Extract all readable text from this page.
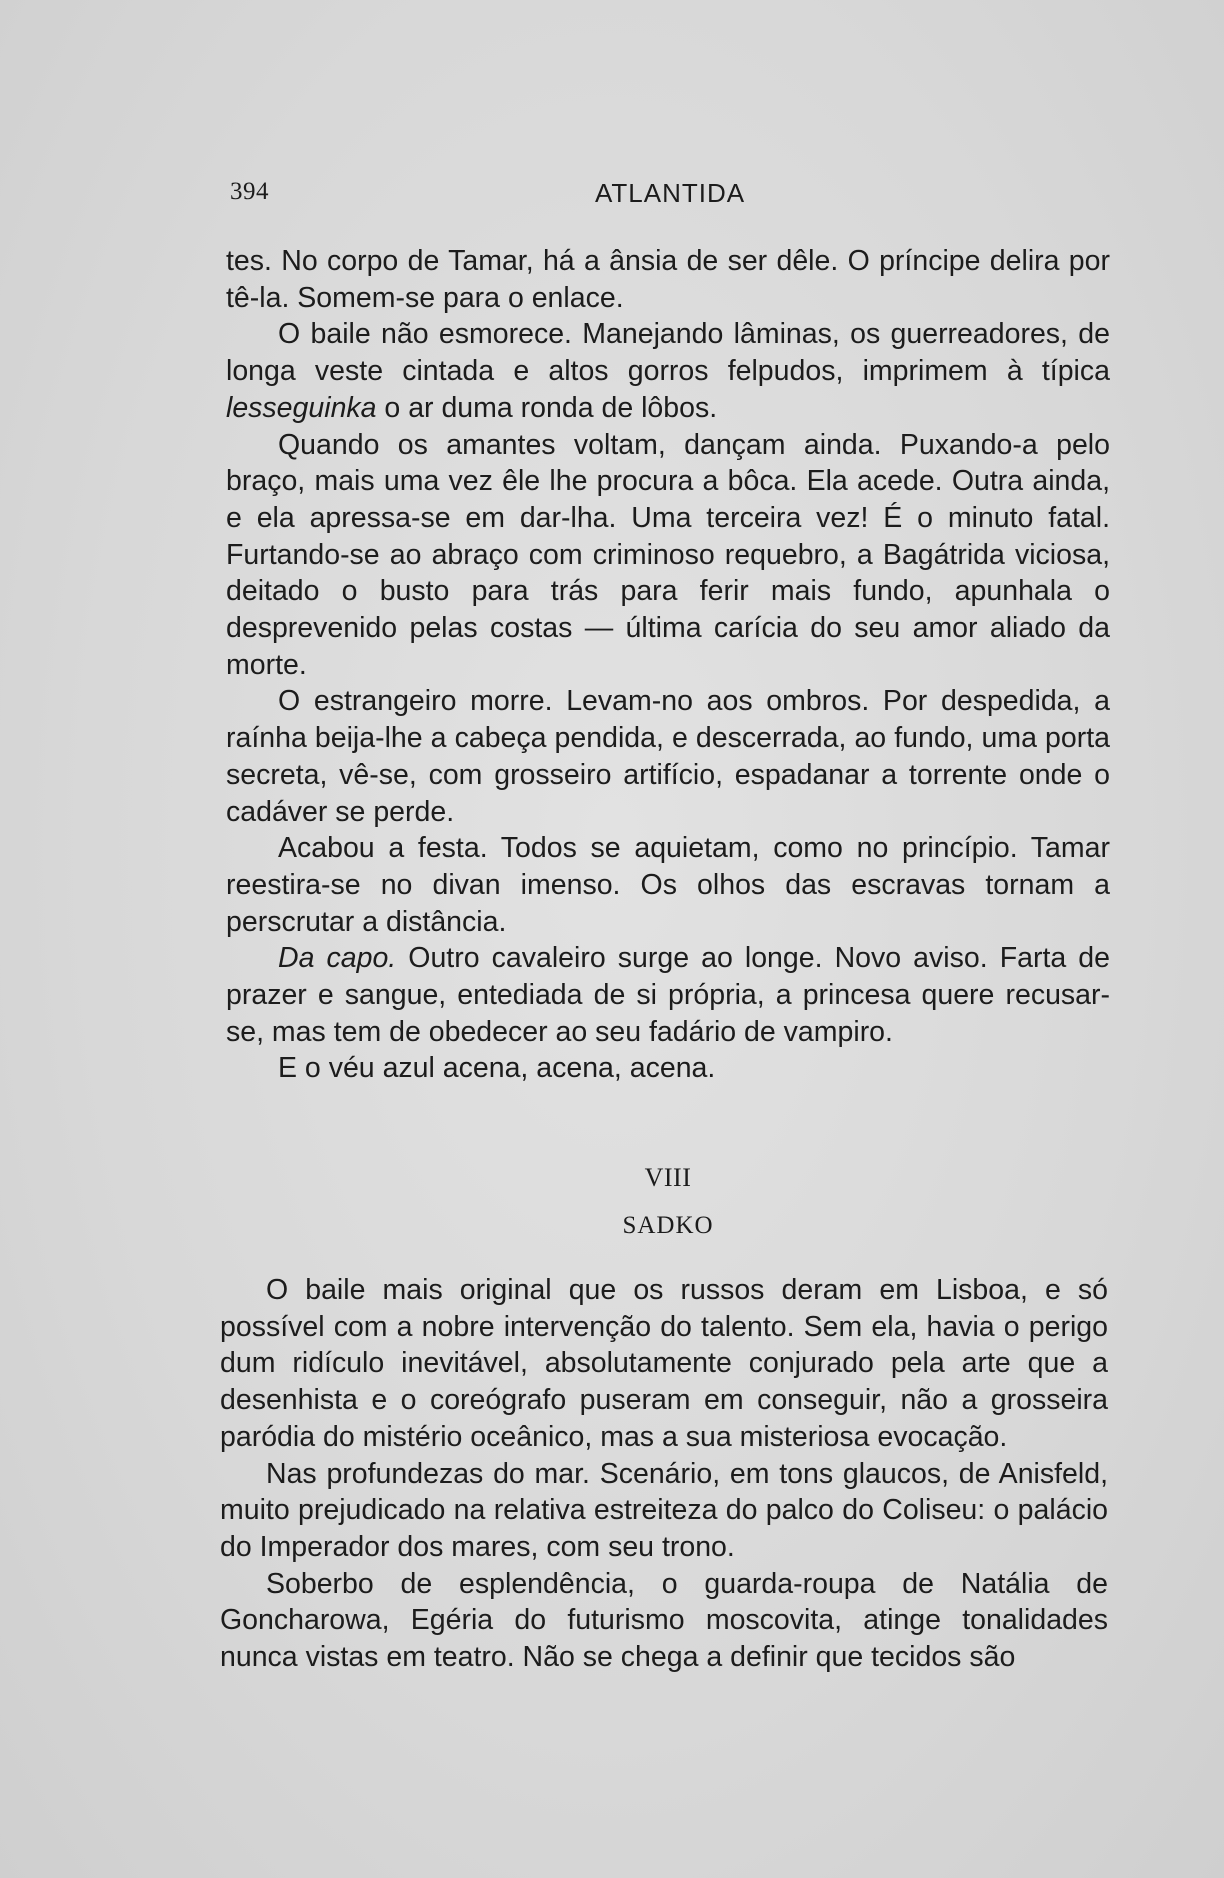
394	ATLANTIDA

tes. No corpo de Tamar, há a ânsia de ser dêle. O príncipe delira por tê-la. Somem-se para o enlace.

O baile não esmorece. Manejando lâminas, os guerreadores, de longa veste cintada e altos gorros felpudos, imprimem à típica lesseguinka o ar duma ronda de lôbos.

Quando os amantes voltam, dançam ainda. Puxando-a pelo braço, mais uma vez êle lhe procura a bôca. Ela acede. Outra ainda, e ela apressa-se em dar-lha. Uma terceira vez! É o minuto fatal. Furtando-se ao abraço com criminoso requebro, a Bagátrida viciosa, deitado o busto para trás para ferir mais fundo, apunhala o desprevenido pelas costas — última carícia do seu amor aliado da morte.

O estrangeiro morre. Levam-no aos ombros. Por despedida, a raínha beija-lhe a cabeça pendida, e descerrada, ao fundo, uma porta secreta, vê-se, com grosseiro artifício, espadanar a torrente onde o cadáver se perde.

Acabou a festa. Todos se aquietam, como no princípio. Tamar reestira-se no divan imenso. Os olhos das escravas tornam a perscrutar a distância.

Da capo. Outro cavaleiro surge ao longe. Novo aviso. Farta de prazer e sangue, entediada de si própria, a princesa quere recusar-se, mas tem de obedecer ao seu fadário de vampiro.

E o véu azul acena, acena, acena.

VIII
SADKO

O baile mais original que os russos deram em Lisboa, e só possível com a nobre intervenção do talento. Sem ela, havia o perigo dum ridículo inevitável, absolutamente conjurado pela arte que a desenhista e o coreógrafo puseram em conseguir, não a grosseira paródia do mistério oceânico, mas a sua misteriosa evocação.

Nas profundezas do mar. Scenário, em tons glaucos, de Anisfeld, muito prejudicado na relativa estreiteza do palco do Coliseu: o palácio do Imperador dos mares, com seu trono.

Soberbo de esplendência, o guarda-roupa de Natália de Goncharowa, Egéria do futurismo moscovita, atinge tonalidades nunca vistas em teatro. Não se chega a definir que tecidos são
